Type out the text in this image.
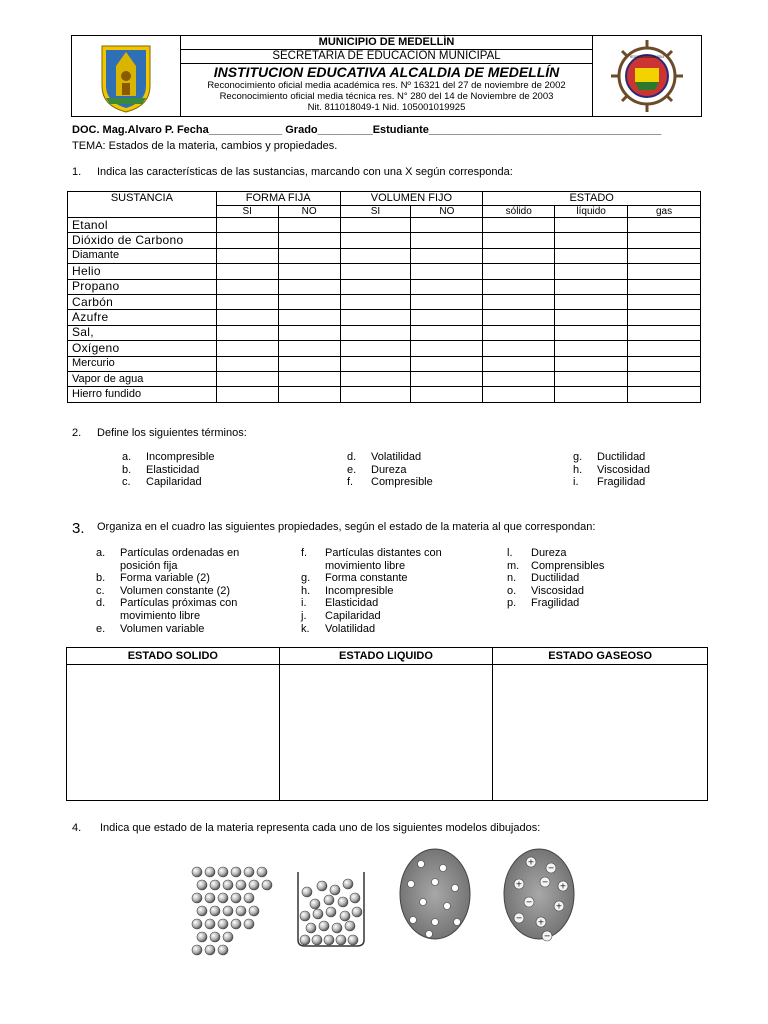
MUNICIPIO DE MEDELLÍN
SECRETARIA DE EDUCACION MUNICIPAL
INSTITUCION EDUCATIVA ALCALDIA DE MEDELLÍN
Reconocimiento oficial media académica res. Nº 16321 del 27 de noviembre de 2002
Reconocimiento oficial media técnica res. N° 280 del 14 de Noviembre de 2003
Nit. 811018049-1 Nid. 105001019925
INSTITUCION EDUCATIVA ALCALDIA DE MEDELLIN
DOC. Mag.Alvaro P. Fecha____________ Grado_________Estudiante______________________________________
TEMA: Estados de la materia, cambios y propiedades.
1. Indica las características de las sustancias, marcando con una X según corresponda:
SUSTANCIA	FORMA FIJA		VOLUMEN FIJO		ESTADO		
	SI	NO	SI	NO	sólido	líquido	gas
Etanol							
Dióxido de Carbono							
Diamante							
Helio							
Propano							
Carbón							
Azufre							
Sal,							
Oxígeno							
Mercurio							
Vapor de agua							
Hierro fundido							
2. Define los siguientes términos:
a.	Incompresible
b.	Elasticidad
c.	Capilaridad
d.	Volatilidad
e.	Dureza
f.	Compresible
g.	Ductilidad
h.	Viscosidad
i.	Fragilidad
3. Organiza en el cuadro las siguientes propiedades, según el estado de la materia al que correspondan:
a.	Partículas ordenadas en
posición fija
b.	Forma variable (2)
c.	Volumen constante (2)
d.	Partículas próximas con
movimiento libre
e.	Volumen variable
f.	Partículas distantes con
movimiento libre
g.	Forma constante
h.	Incompresible
i.	Elasticidad
j.	Capilaridad
k.	Volatilidad
l.	Dureza
m.	Comprensibles
n.	Ductilidad
o.	Viscosidad
p.	Fragilidad
ESTADO SOLIDO	ESTADO LIQUIDO	ESTADO GASEOSO

4. Indica que estado de la materia representa cada uno de los siguientes modelos dibujados:
+
−
+ − +
−	+
− +
−
